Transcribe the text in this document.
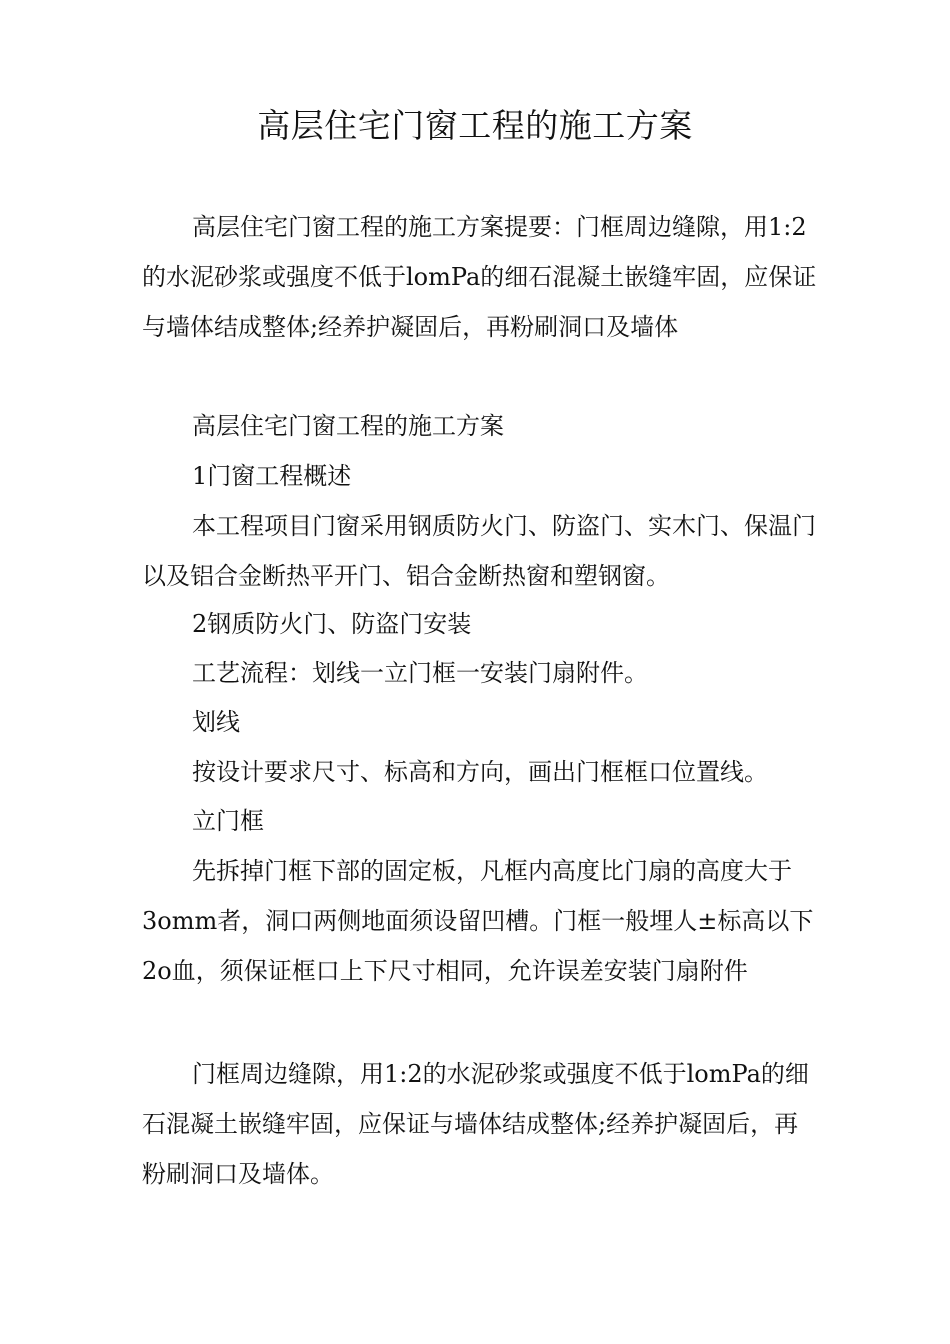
高层住宅门窗工程的施工方案

高层住宅门窗工程的施工方案提要：门框周边缝隙，用1:2的水泥砂浆或强度不低于lomPa的细石混凝土嵌缝牢固，应保证与墙体结成整体;经养护凝固后，再粉刷洞口及墙体

高层住宅门窗工程的施工方案

1门窗工程概述

本工程项目门窗采用钢质防火门、防盗门、实木门、保温门以及铝合金断热平开门、铝合金断热窗和塑钢窗。

2钢质防火门、防盗门安装

工艺流程：划线一立门框一安装门扇附件。

划线

按设计要求尺寸、标高和方向，画出门框框口位置线。

立门框

先拆掉门框下部的固定板，凡框内高度比门扇的高度大于3omm者，洞口两侧地面须设留凹槽。门框一般埋人±标高以下2o血，须保证框口上下尺寸相同，允许误差安装门扇附件

门框周边缝隙，用1:2的水泥砂浆或强度不低于lomPa的细石混凝土嵌缝牢固，应保证与墙体结成整体;经养护凝固后，再粉刷洞口及墙体。
